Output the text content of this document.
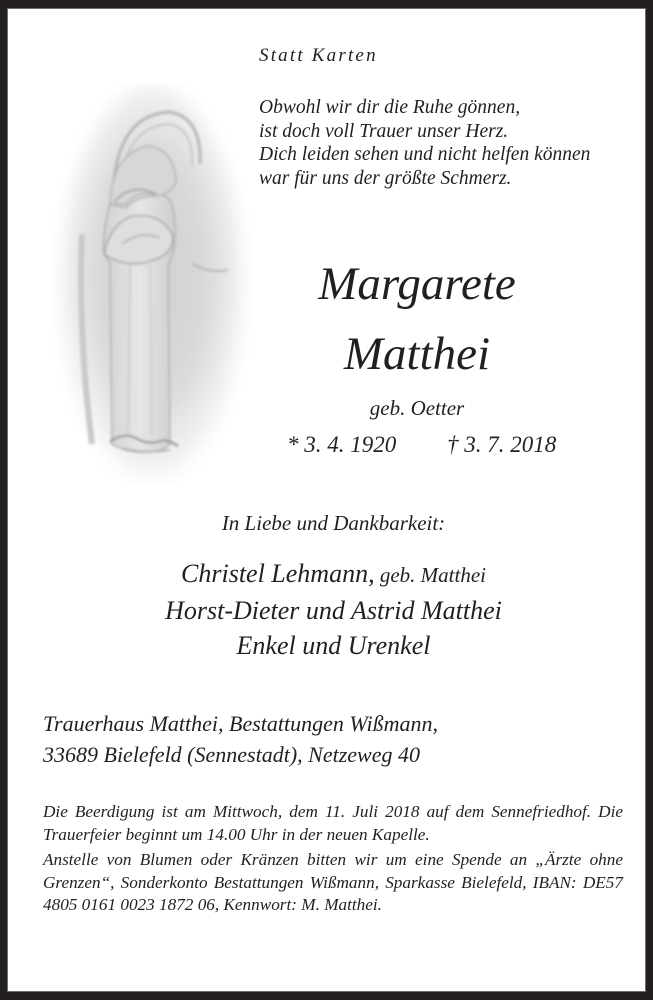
Statt Karten
Obwohl wir dir die Ruhe gönnen,
ist doch voll Trauer unser Herz.
Dich leiden sehen und nicht helfen können
war für uns der größte Schmerz.
Margarete
Matthei
geb. Oetter
* 3. 4. 1920 † 3. 7. 2018
In Liebe und Dankbarkeit:
Christel Lehmann, geb. Matthei
Horst-Dieter und Astrid Matthei
Enkel und Urenkel
Trauerhaus Matthei, Bestattungen Wißmann,
33689 Bielefeld (Sennestadt), Netzeweg 40

Die Beerdigung ist am Mittwoch, dem 11. Juli 2018 auf dem Sennefriedhof. Die Trauerfeier beginnt um 14.00 Uhr in der neuen Kapelle.

Anstelle von Blumen oder Kränzen bitten wir um eine Spende an „Ärzte ohne Grenzen“, Sonderkonto Bestattungen Wißmann, Sparkasse Bielefeld, IBAN: DE57 4805 0161 0023 1872 06, Kennwort: M. Matthei.
